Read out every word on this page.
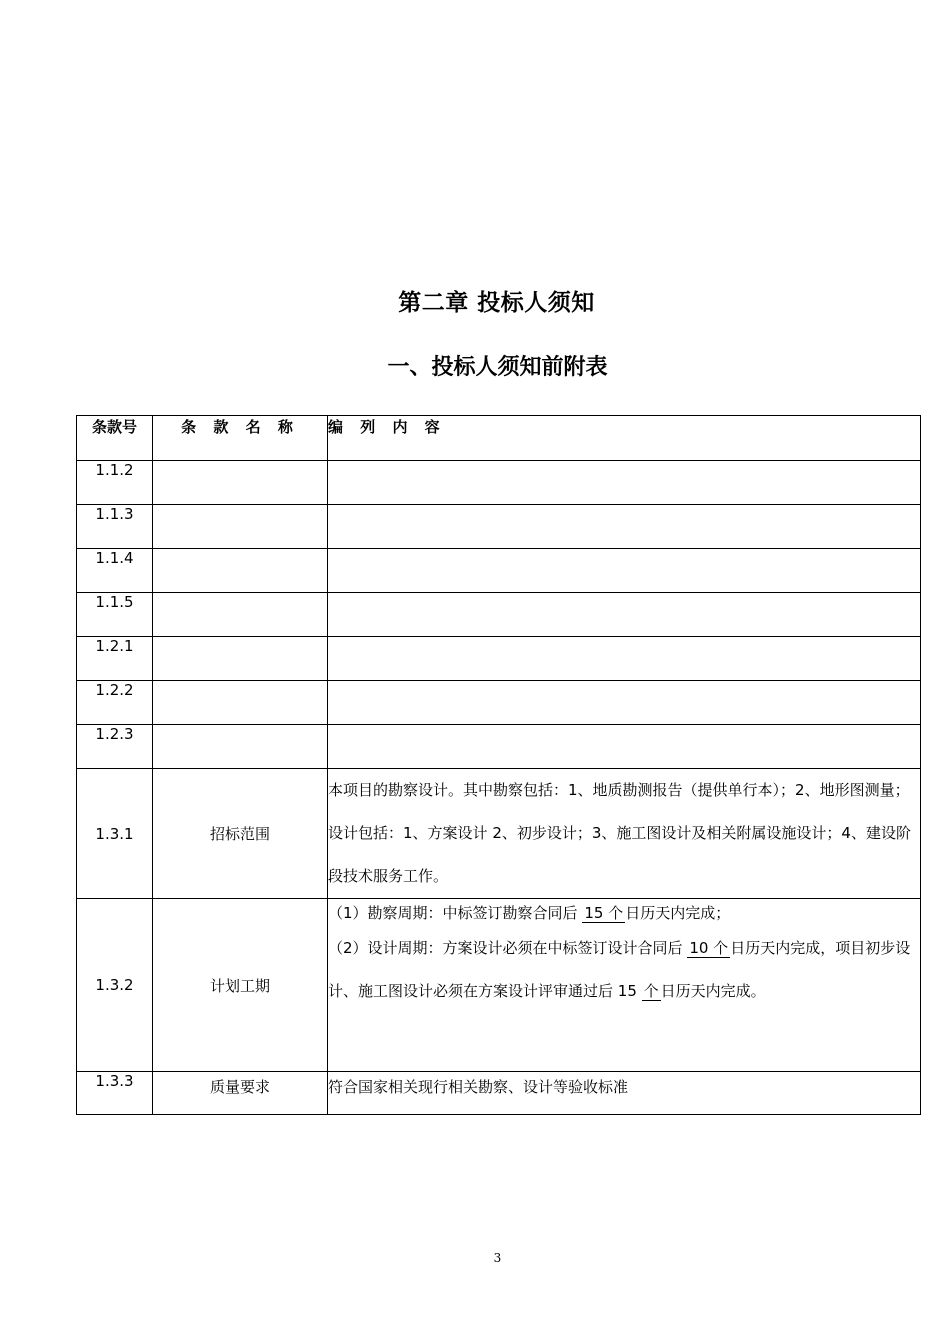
第二章 投标人须知
一、投标人须知前附表
条款号	条 款 名 称	编 列 内 容
1.1.2		
1.1.3		
1.1.4		
1.1.5		
1.2.1		
1.2.2		
1.2.3		
1.3.1	招标范围	本项目的勘察设计。其中勘察包括：1、地质勘测报告（提供单行本）；2、地形图测量；设计包括：1、方案设计 2、初步设计；3、施工图设计及相关附属设施设计；4、建设阶段技术服务工作。

1.3.2	计划工期	（1）勘察周期：中标签订勘察合同后 15 个 日历天内完成；
（2）设计周期：方案设计必须在中标签订设计合同后 10 个 日历天内完成，项目初步设计、施工图设计必须在方案设计评审通过后 15 个 日历天内完成。

1.3.3	质量要求	符合国家相关现行相关勘察、设计等验收标准
3
